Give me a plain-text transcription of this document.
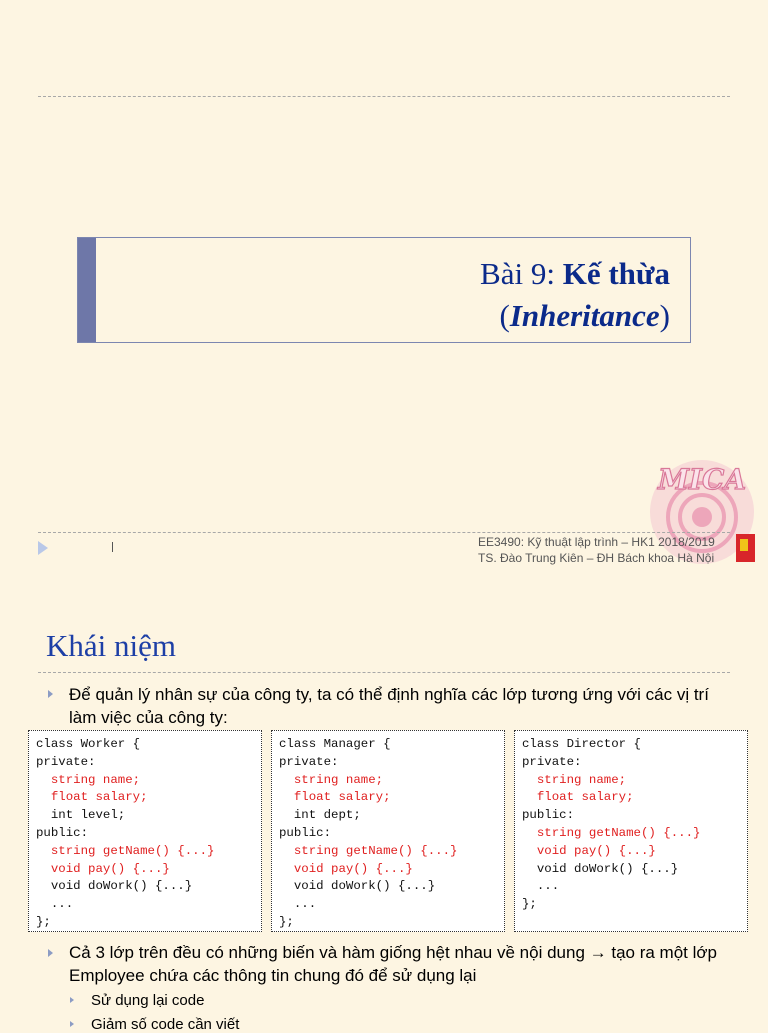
Bài 9: Kế thừa
(Inheritance)
MICA
EE3490: Kỹ thuật lập trình – HK1 2018/2019
TS. Đào Trung Kiên – ĐH Bách khoa Hà Nội
Khái niệm
Để quản lý nhân sự của công ty, ta có thể định nghĩa các lớp tương ứng với các vị trí làm việc của công ty:
class Worker {
private:
string name;
float salary;
int level;
public:
string getName() {...}
void pay() {...}
void doWork() {...}
...
};
class Manager {
private:
string name;
float salary;
int dept;
public:
string getName() {...}
void pay() {...}
void doWork() {...}
...
};
class Director {
private:
string name;
float salary;
public:
string getName() {...}
void pay() {...}
void doWork() {...}
...
};
Cả 3 lớp trên đều có những biến và hàm giống hệt nhau về nội dung → tạo ra một lớp Employee chứa các thông tin chung đó để sử dụng lại
Sử dụng lại code
Giảm số code cần viết
